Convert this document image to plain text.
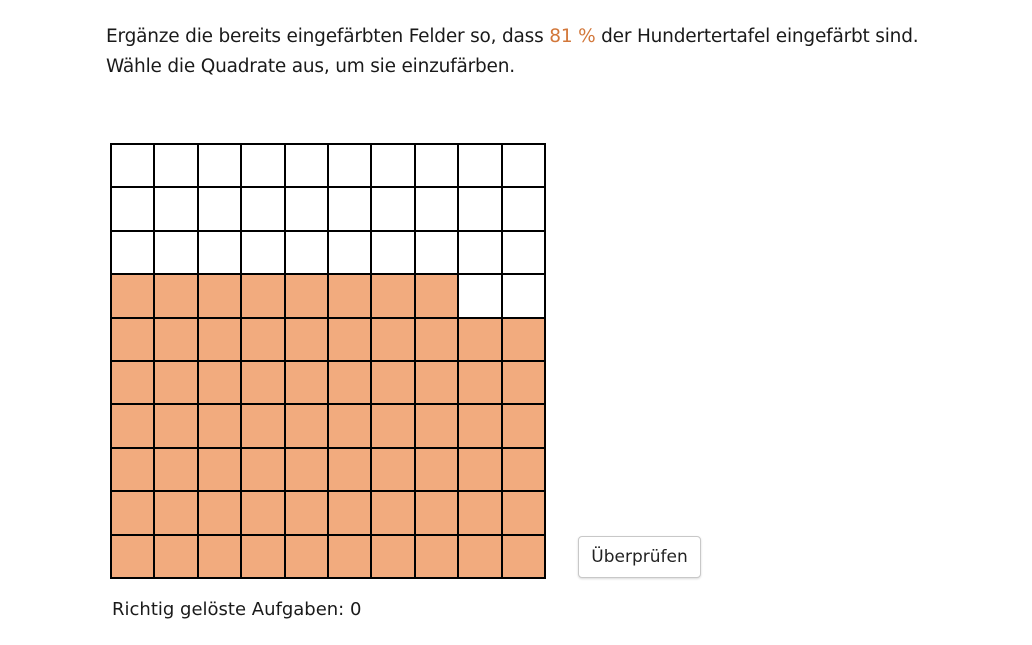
Ergänze die bereits eingefärbten Felder so, dass 81 % der Hundertertafel eingefärbt sind.
Wähle die Quadrate aus, um sie einzufärben.
Überprüfen
Richtig gelöste Aufgaben: 0
